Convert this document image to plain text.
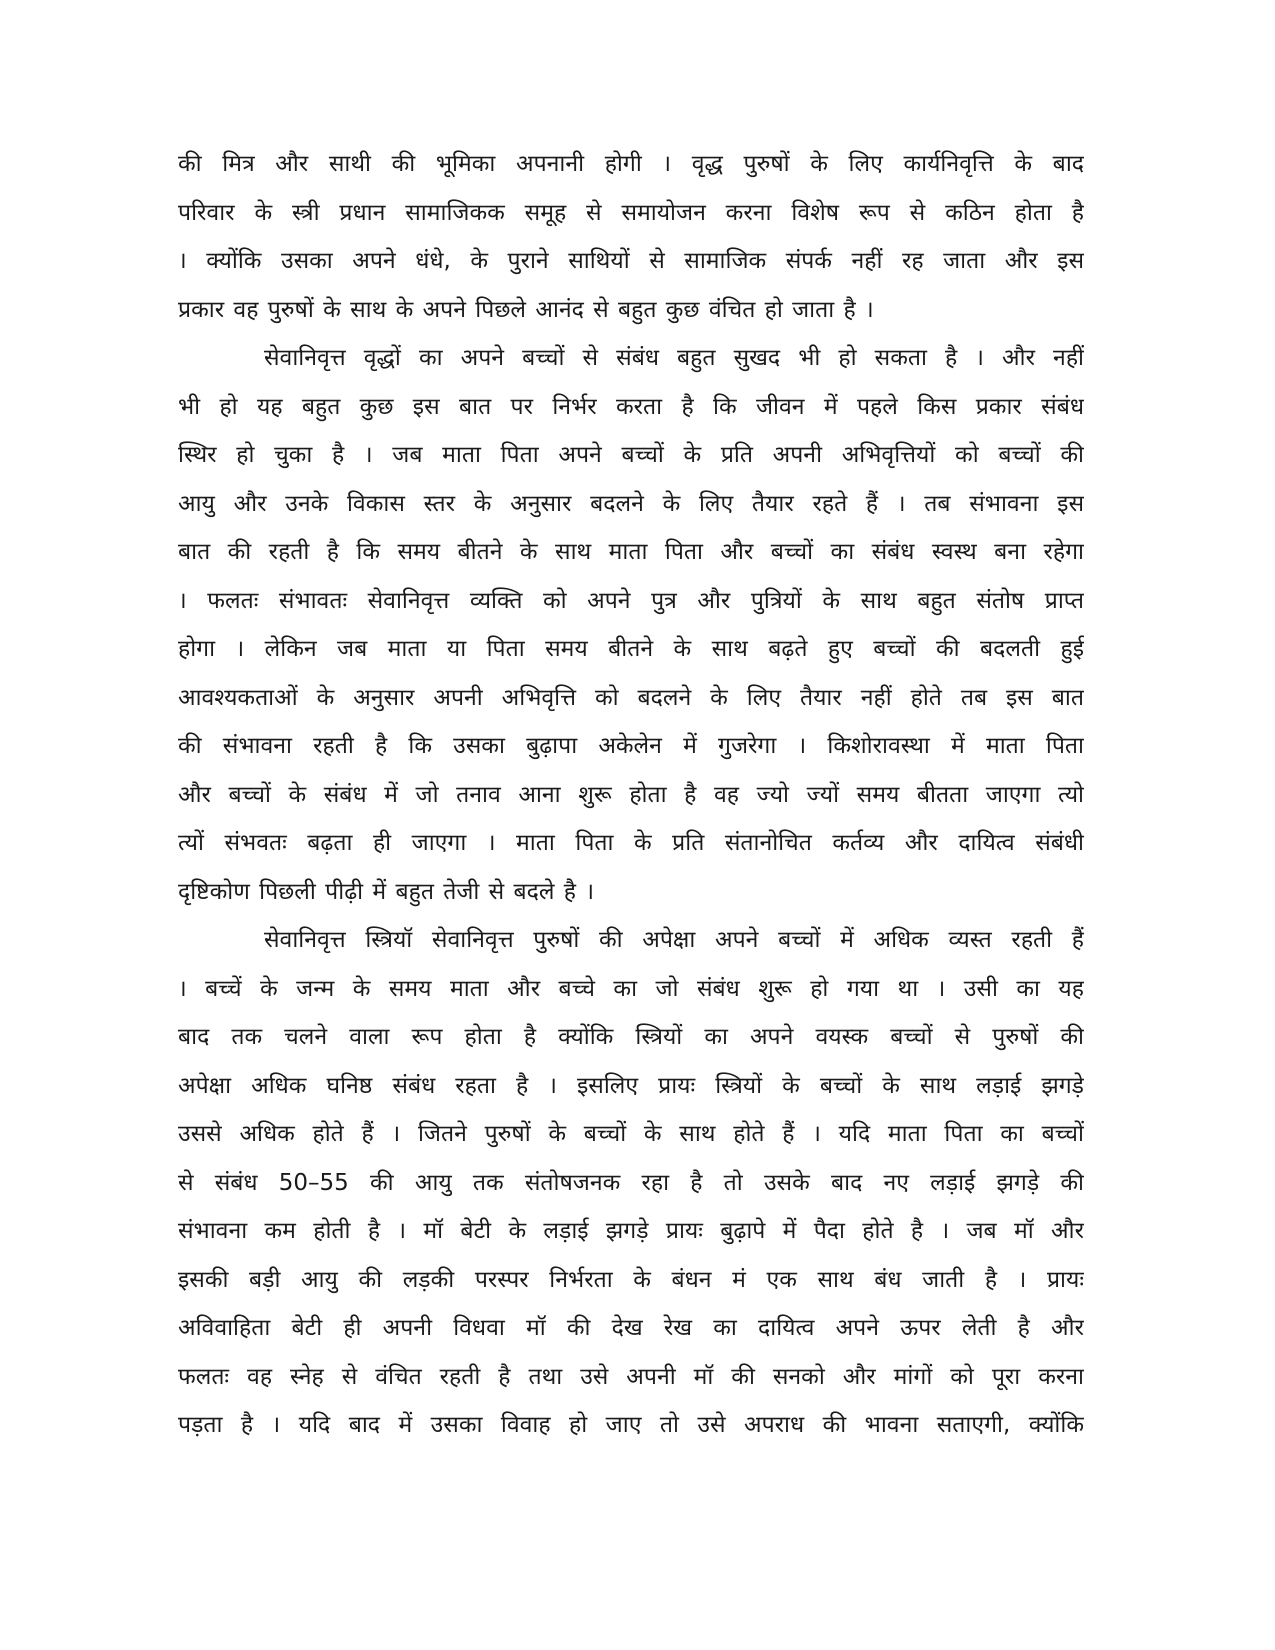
की मित्र और साथी की भूमिका अपनानी होगी । वृद्ध पुरुषों के लिए कार्यनिवृत्ति के बाद
परिवार के स्त्री प्रधान सामाजिकक समूह से समायोजन करना विशेष रूप से कठिन होता है
। क्योंकि उसका अपने धंधे, के पुराने साथियों से सामाजिक संपर्क नहीं रह जाता और इस
प्रकार वह पुरुषों के साथ के अपने पिछले आनंद से बहुत कुछ वंचित हो जाता है ।
सेवानिवृत्त वृद्धों का अपने बच्चों से संबंध बहुत सुखद भी हो सकता है । और नहीं
भी हो यह बहुत कुछ इस बात पर निर्भर करता है कि जीवन में पहले किस प्रकार संबंध
स्थिर हो चुका है । जब माता पिता अपने बच्चों के प्रति अपनी अभिवृत्तियों को बच्चों की
आयु और उनके विकास स्तर के अनुसार बदलने के लिए तैयार रहते हैं । तब संभावना इस
बात की रहती है कि समय बीतने के साथ माता पिता और बच्चों का संबंध स्वस्थ बना रहेगा
। फलतः संभावतः सेवानिवृत्त व्यक्ति को अपने पुत्र और पुत्रियों के साथ बहुत संतोष प्राप्त
होगा । लेकिन जब माता या पिता समय बीतने के साथ बढ़ते हुए बच्चों की बदलती हुई
आवश्यकताओं के अनुसार अपनी अभिवृत्ति को बदलने के लिए तैयार नहीं होते तब इस बात
की संभावना रहती है कि उसका बुढ़ापा अकेलेन में गुजरेगा । किशोरावस्था में माता पिता
और बच्चों के संबंध में जो तनाव आना शुरू होता है वह ज्यो ज्यों समय बीतता जाएगा त्यो
त्यों संभवतः बढ़ता ही जाएगा । माता पिता के प्रति संतानोचित कर्तव्य और दायित्व संबंधी
दृष्टिकोण पिछली पीढ़ी में बहुत तेजी से बदले है ।
सेवानिवृत्त स्त्रियॉ सेवानिवृत्त पुरुषों की अपेक्षा अपने बच्चों में अधिक व्यस्त रहती हैं
। बच्चें के जन्म के समय माता और बच्चे का जो संबंध शुरू हो गया था । उसी का यह
बाद तक चलने वाला रूप होता है क्योंकि स्त्रियों का अपने वयस्क बच्चों से पुरुषों की
अपेक्षा अधिक घनिष्ठ संबंध रहता है । इसलिए प्रायः स्त्रियों के बच्चों के साथ लड़ाई झगड़े
उससे अधिक होते हैं । जितने पुरुषों के बच्चों के साथ होते हैं । यदि माता पिता का बच्चों
से संबंध 50–55 की आयु तक संतोषजनक रहा है तो उसके बाद नए लड़ाई झगड़े की
संभावना कम होती है । मॉ बेटी के लड़ाई झगड़े प्रायः बुढ़ापे में पैदा होते है । जब मॉ और
इसकी बड़ी आयु की लड़की परस्पर निर्भरता के बंधन मं एक साथ बंध जाती है । प्रायः
अविवाहिता बेटी ही अपनी विधवा मॉ की देख रेख का दायित्व अपने ऊपर लेती है और
फलतः वह स्नेह से वंचित रहती है तथा उसे अपनी मॉ की सनको और मांगों को पूरा करना
पड़ता है । यदि बाद में उसका विवाह हो जाए तो उसे अपराध की भावना सताएगी, क्योंकि
